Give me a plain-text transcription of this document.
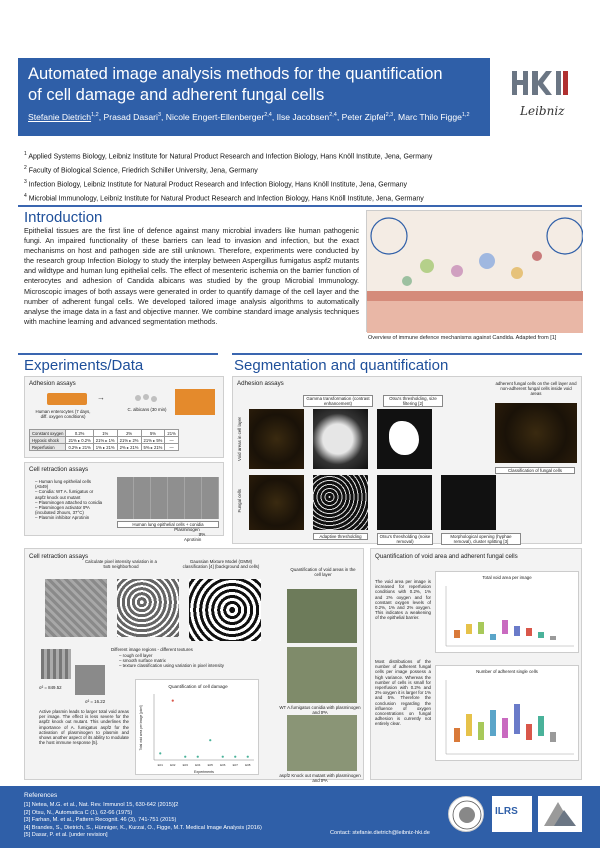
Automated image analysis methods for the quantification
of cell damage and adherent fungal cells
Stefanie Dietrich$^{1,2}$, Prasad Dasari$^3$, Nicole Engert-Ellenberger$^{2,4}$, Ilse Jacobsen$^{2,4}$, Peter Zipfel$^{2,3}$, Marc Thilo Figge$^{1,2}$	Leibniz
$^1$ Applied Systems Biology, Leibniz Institute for Natural Product Research and Infection Biology, Hans Knöll Institute, Jena, Germany
$^2$ Faculty of Biological Science, Friedrich Schiller University, Jena, Germany
$^3$ Infection Biology, Leibniz Institute for Natural Product Research and Infection Biology, Hans Knöll Institute, Jena, Germany
$^4$ Microbial Immunology, Leibniz Institute for Natural Product Research and Infection Biology, Hans Knöll Institute, Jena, Germany
Introduction
Epithelial tissues are the first line of defence against many microbial invaders like human pathogenic fungi. An impaired functionality of these barriers can lead to invasion and infection, but the exact mechanisms on host and pathogen side are still unknown. Therefore, experiments were conducted by the research group Infection Biology to study the interplay between Aspergillus fumigatus aspf2 mutants and wildtype and human lung epithelial cells. The effect of mesenteric ischemia on the barrier function of enterocytes and adhesion of Candida albicans was studied by the group Microbial Immunology. Microscopic images of both assays were generated in order to quantify damage of the cell layer and the number of adherent fungal cells. We developed tailored image analysis algorithms to automatically analyse the image data in a fast and objective manner. We combine standard image analysis techniques with machine learning and advanced segmentation methods.
Overview of immune defence mechanisms against Candida. Adapted from [1]
Experiments/Data
Adhesion assays
→
Human enterocytes (7 days, diff. oxygen conditions)
C. albicans (30 min)
Constant oxygen	0.2%	1%	2%	5%	21%
Hypoxic shock	21% ▸ 0.2%	21% ▸ 1%	21% ▸ 2%	21% ▸ 5%	—
Reperfusion	0.2% ▸ 21%	1% ▸ 21%	2% ▸ 21%	5% ▸ 21%	—
Cell retraction assays
– Human lung epithelial cells (A549)
– Conidia: WT A. fumigatus or aspf2 knock out mutant
– Plasminogen attached to conidia
– Plasminogen activator tPA (incubated 2hours, 37°C)
– Plasmin inhibitor Aprotinin
Human lung epithelial cells + conidia
Plasminogen
tPA
Aprotinin
Segmentation and quantification
Adhesion assays
Void areas in cell layer
Fungal cells
Gamma transformation (contrast enhancement)
Otsu's thresholding, size filtering [2]
adherent fungal cells on the cell layer and non-adherent fungal cells inside void areas
Classification of fungal cells
Adaptive thresholding	Otsu's thresholding (noise removal)
Morphological opening (hyphae removal), cluster splitting [3]
Cell retraction assays
Calculate pixel intensity variation in a 5x5 neighborhood
Gaussian Mixture Model (GMM) classification [4] (background and cells)
Quantification of void areas in the cell layer
Different image regions - different textures
– rough cell layer
– smooth surface matrix
– texture classification using variation in pixel intensity
σ² = 849.52
σ² = 16.22
Active plasmin leads to larger total void areas per image. The effect is less severe for the aspf2 knock out mutant. This underlines the importance of A. fumigatus aspf2 for the activation of plasminogen to plasmin and shows another aspect of its ability to modulate the host immune response [5].
Quantification of cell damage
Experiments
Total void area per image [pixel]
E01 E02 E03 E04 E05 E06 E07 E08
WT A.fumigatus conidia with plasminogen and tPA
aspf2 Knock out mutant with plasminogen and tPA
Quantification of void area and adherent fungal cells
The void area per image is increased for reperfusion conditions with 0.2%, 1% and 2% oxygen and for constant oxygen levels of 0.2%, 1% and 2% oxygen. This indicates a weakening of the epithelial barrier.
Total void area per image
Most distributions of the number of adherent fungal cells per image possess a high variance. Whereas the number of cells is small for reperfusion with 0.2% and 2% oxygen it is larger for 1% and 5%. Therefore the conclusion regarding the influence of oxygen concentrations on fungal adhesion is currently not entirely clear.
Number of adherent single cells
References
[1] Netea, M.G. et al., Nat. Rev. Immunol 15, 630-642 (2015)[2
[2] Otsu, N., Automatica C (1), 62-66 (1975)
[3] Farhan, M. et al., Pattern Recognit. 46 (3), 741-751 (2015)
[4] Brandes, S., Dietrich, S., Hünniger, K., Kurzai, O., Figge, M.T. Medical Image Analysis (2016)
[5] Dasar, P. et al. [under revision]	Contact: stefanie.dietrich@leibniz-hki.de
ILRS
